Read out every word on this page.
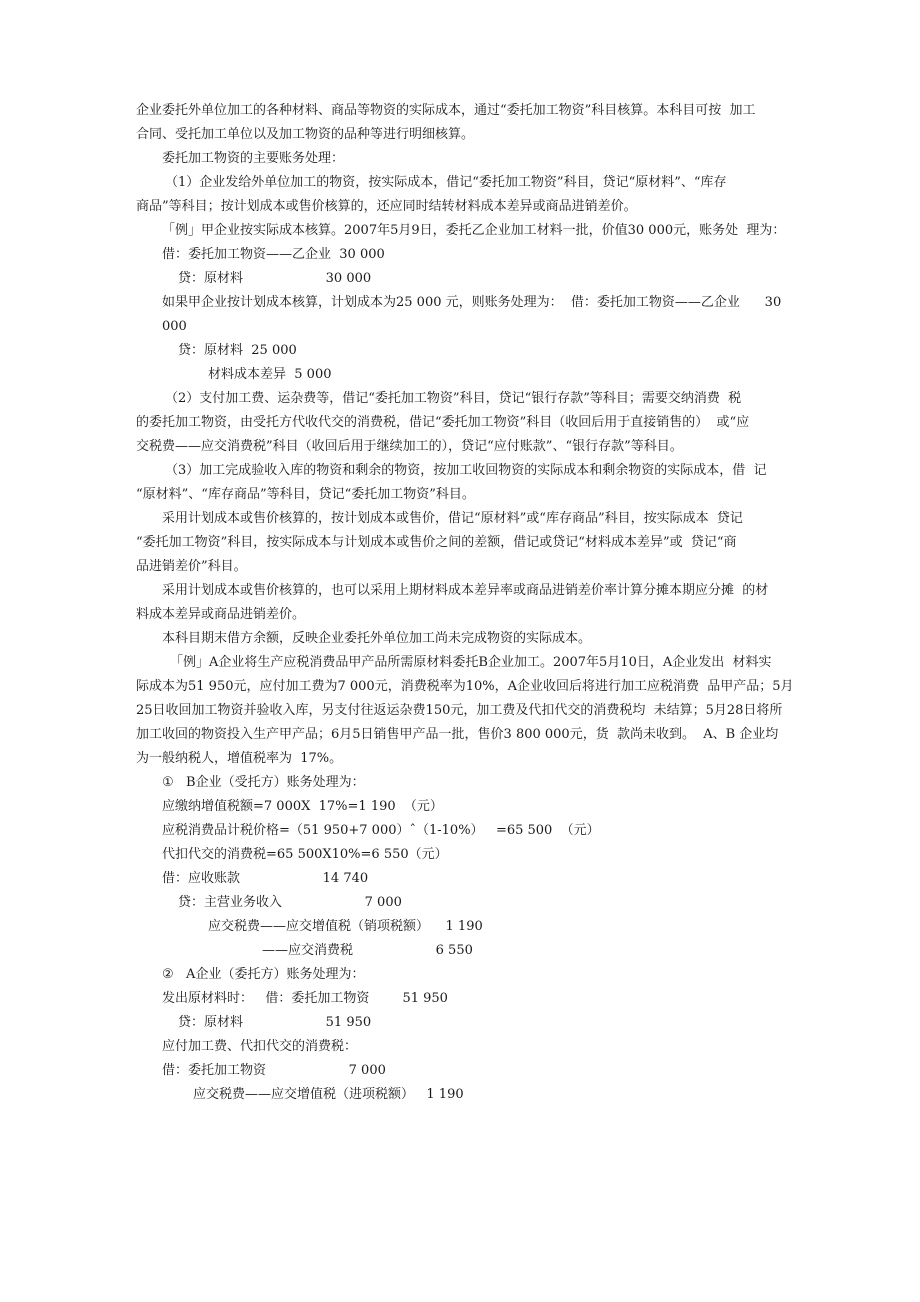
企业委托外单位加工的各种材料、商品等物资的实际成本，通过“委托加工物资”科目核算。本科目可按  加工
合同、受托加工单位以及加工物资的品种等进行明细核算。
委托加工物资的主要账务处理：
（1）企业发给外单位加工的物资，按实际成本，借记“委托加工物资”科目，贷记“原材料”、“库存
商品”等科目；按计划成本或售价核算的，还应同时结转材料成本差异或商品进销差价。
「例」甲企业按实际成本核算。2007年5月9日，委托乙企业加工材料一批，价值30 000元，账务处  理为：
借：委托加工物资——乙企业  30 000
贷：原材料                    30 000
如果甲企业按计划成本核算，计划成本为25 000 元，则账务处理为：  借：委托加工物资——乙企业      30
000
贷：原材料  25 000
材料成本差异  5 000
（2）支付加工费、运杂费等，借记“委托加工物资”科目，贷记“银行存款”等科目；需要交纳消费  税
的委托加工物资，由受托方代收代交的消费税，借记“委托加工物资”科目（收回后用于直接销售的）  或“应
交税费——应交消费税”科目（收回后用于继续加工的），贷记“应付账款”、“银行存款”等科目。
（3）加工完成验收入库的物资和剩余的物资，按加工收回物资的实际成本和剩余物资的实际成本，借  记
“原材料”、“库存商品”等科目，贷记“委托加工物资”科目。
采用计划成本或售价核算的，按计划成本或售价，借记“原材料”或“库存商品”科目，按实际成本  贷记
“委托加工物资”科目，按实际成本与计划成本或售价之间的差额，借记或贷记“材料成本差异”或  贷记“商
品进销差价”科目。
采用计划成本或售价核算的，也可以采用上期材料成本差异率或商品进销差价率计算分摊本期应分摊  的材
料成本差异或商品进销差价。
本科目期末借方余额，反映企业委托外单位加工尚未完成物资的实际成本。
「例」A企业将生产应税消费品甲产品所需原材料委托B企业加工。2007年5月10日，A企业发出  材料实
际成本为51 950元，应付加工费为7 000元，消费税率为10%，A企业收回后将进行加工应税消费  品甲产品；5月
25日收回加工物资并验收入库，另支付往返运杂费150元，加工费及代扣代交的消费税均  未结算；5月28日将所
加工收回的物资投入生产甲产品；6月5日销售甲产品一批，售价3 800 000元，货  款尚未收到。  A、B 企业均
为一般纳税人，增值税率为  17%。
①   B企业（受托方）账务处理为：
应缴纳增值税额=7 000X  17%=1 190  （元）
应税消费品计税价格=（51 950+7 000）ˆ（1-10%）   =65 500  （元）
代扣代交的消费税=65 500X10%=6 550（元）
借：应收账款                    14 740
贷：主营业务收入                    7 000
应交税费——应交增值税（销项税额）    1 190
——应交消费税                    6 550
②   A企业（委托方）账务处理为：
发出原材料时：   借：委托加工物资        51 950
贷：原材料                    51 950
应付加工费、代扣代交的消费税：
借：委托加工物资                    7 000
应交税费——应交增值税（进项税额）   1 190
